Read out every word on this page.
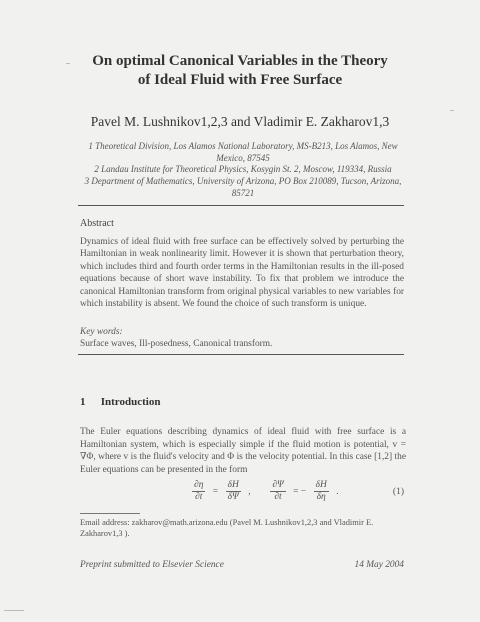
On optimal Canonical Variables in the Theory
of Ideal Fluid with Free Surface
Pavel M. Lushnikov1,2,3 and Vladimir E. Zakharov1,3
1 Theoretical Division, Los Alamos National Laboratory, MS-B213, Los Alamos, New Mexico, 87545
2 Landau Institute for Theoretical Physics, Kosygin St. 2, Moscow, 119334, Russia
3 Department of Mathematics, University of Arizona, PO Box 210089, Tucson, Arizona, 85721
Abstract
Dynamics of ideal fluid with free surface can be effectively solved by perturbing the Hamiltonian in weak nonlinearity limit. However it is shown that perturbation theory, which includes third and fourth order terms in the Hamiltonian results in the ill-posed equations because of short wave instability. To fix that problem we introduce the canonical Hamiltonian transform from original physical variables to new variables for which instability is absent. We found the choice of such transform is unique.
Key words:
Surface waves, Ill-posedness, Canonical transform.
1 Introduction
The Euler equations describing dynamics of ideal fluid with free surface is a Hamiltonian system, which is especially simple if the fluid motion is potential, v = ∇Φ, where v is the fluid's velocity and Φ is the velocity potential. In this case [1,2] the Euler equations can be presented in the form
$\frac{\partial\eta}{\partial t} = \frac{\delta H}{\delta\Psi}$ , $\frac{\partial\Psi}{\partial t}$ = − $\frac{\delta H}{\delta\eta}$ .	(1)
Email address: zakharov@math.arizona.edu (Pavel M. Lushnikov1,2,3 and Vladimir E. Zakharov1,3 ).
Preprint submitted to Elsevier Science	14 May 2004
